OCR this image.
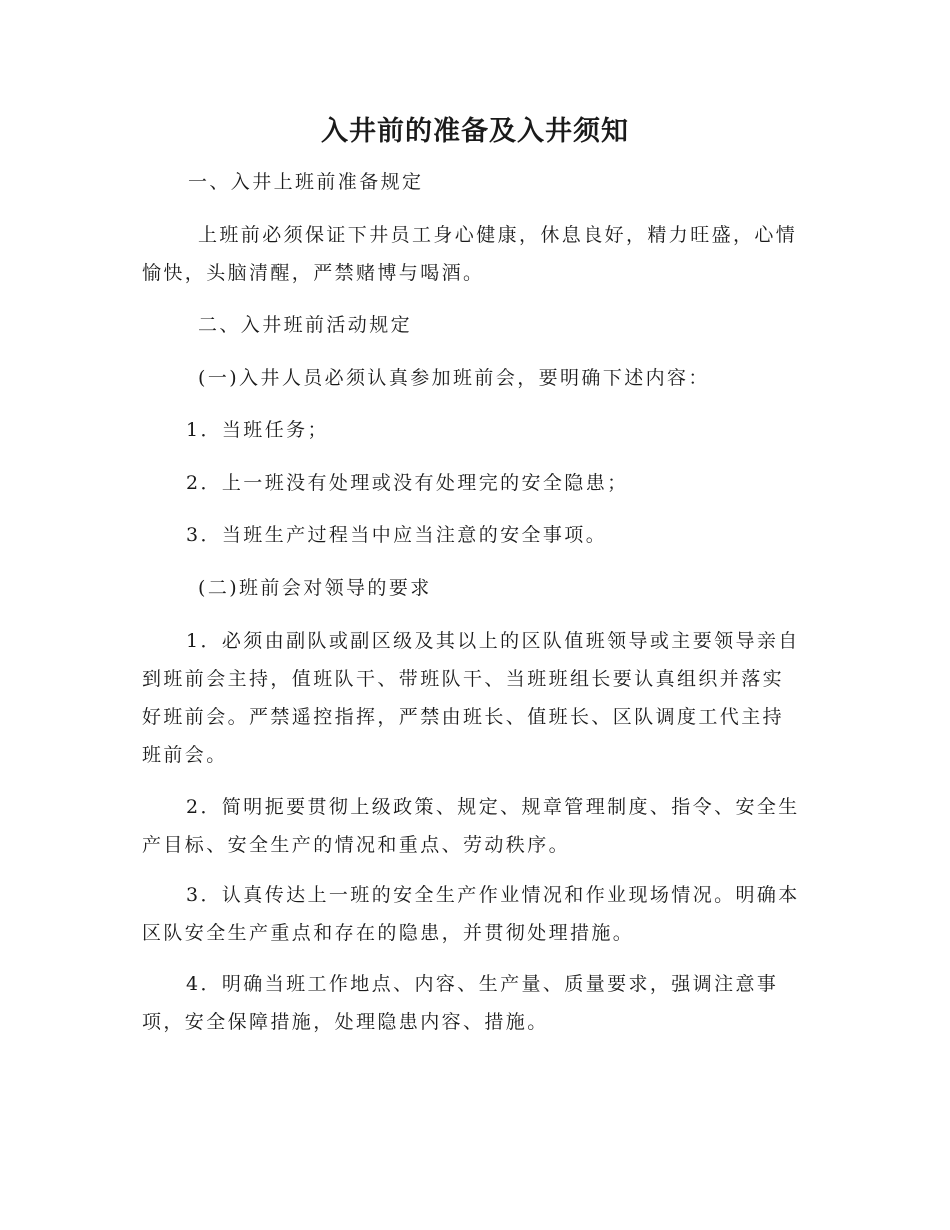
入井前的准备及入井须知

一、入井上班前准备规定

上班前必须保证下井员工身心健康，休息良好，精力旺盛，心情
愉快，头脑清醒，严禁赌博与喝酒。

二、入井班前活动规定

(一)入井人员必须认真参加班前会，要明确下述内容：

1．当班任务；

2．上一班没有处理或没有处理完的安全隐患；

3．当班生产过程当中应当注意的安全事项。

(二)班前会对领导的要求

1．必须由副队或副区级及其以上的区队值班领导或主要领导亲自
到班前会主持，值班队干、带班队干、当班班组长要认真组织并落实
好班前会。严禁遥控指挥，严禁由班长、值班长、区队调度工代主持
班前会。
2．简明扼要贯彻上级政策、规定、规章管理制度、指令、安全生
产目标、安全生产的情况和重点、劳动秩序。
3．认真传达上一班的安全生产作业情况和作业现场情况。明确本
区队安全生产重点和存在的隐患，并贯彻处理措施。
4．明确当班工作地点、内容、生产量、质量要求，强调注意事
项，安全保障措施，处理隐患内容、措施。
